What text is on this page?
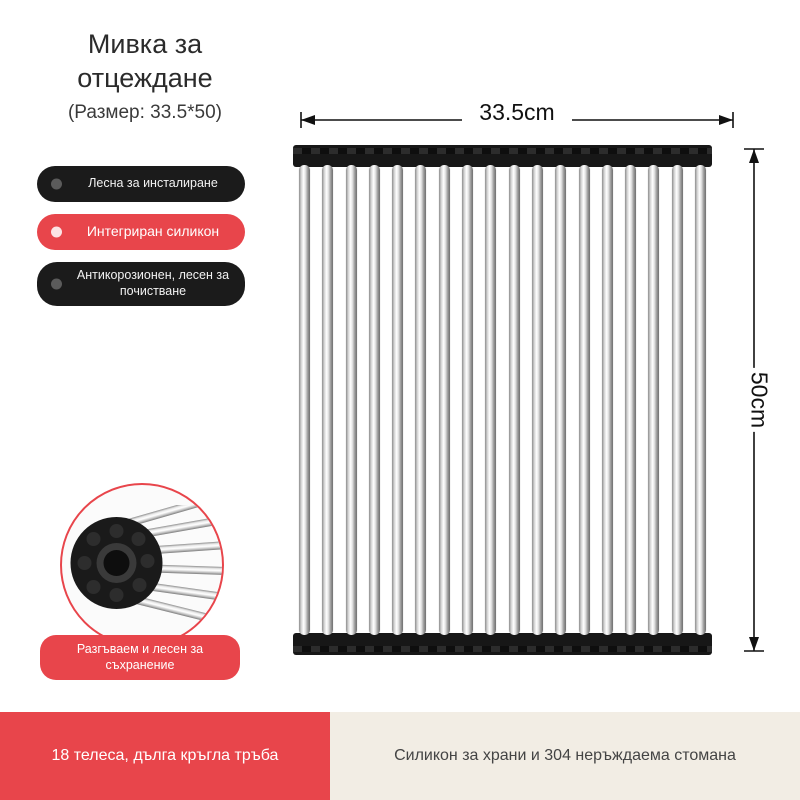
Мивка за отцеждане
(Размер: 33.5*50)
Лесна за инсталиране
Интегриран силикон
Антикорозионен, лесен за почистване
Разгъваем и лесен за съхранение
33.5cm
50cm
18 телеса, дълга кръгла тръба	Силикон за храни и 304 неръждаема стомана
